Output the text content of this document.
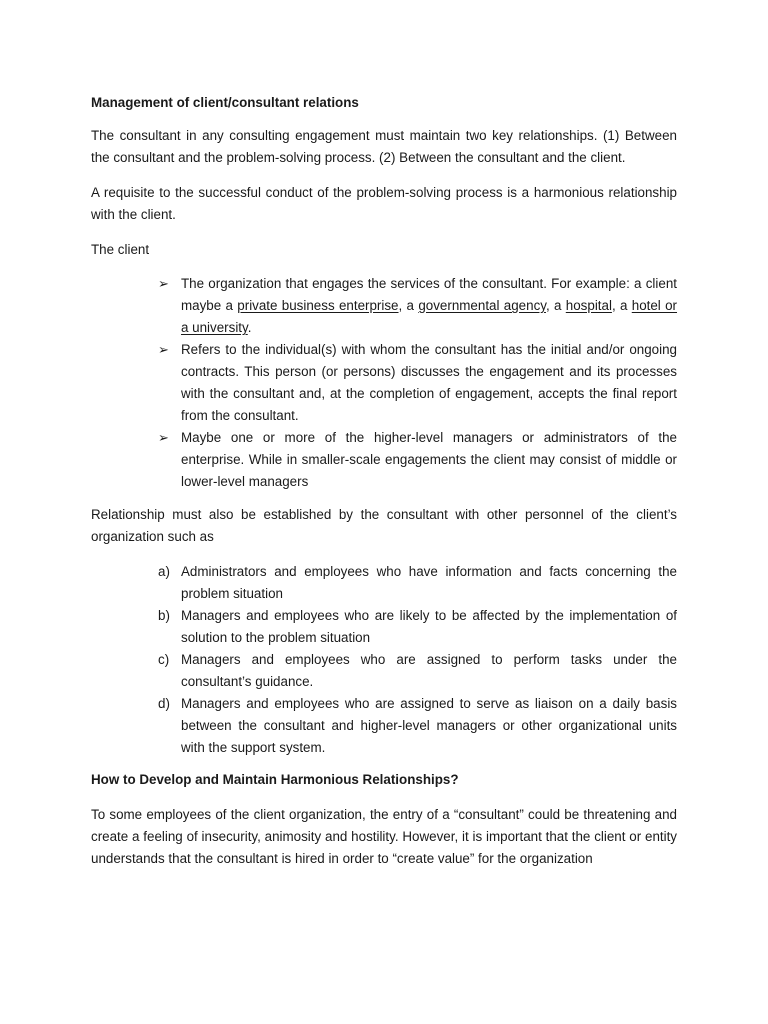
Management of client/consultant relations
The consultant in any consulting engagement must maintain two key relationships. (1) Between the consultant and the problem-solving process. (2) Between the consultant and the client.
A requisite to the successful conduct of the problem-solving process is a harmonious relationship with the client.
The client
➢ The organization that engages the services of the consultant. For example: a client maybe a private business enterprise, a governmental agency, a hospital, a hotel or a university.
➢ Refers to the individual(s) with whom the consultant has the initial and/or ongoing contracts. This person (or persons) discusses the engagement and its processes with the consultant and, at the completion of engagement, accepts the final report from the consultant.
➢ Maybe one or more of the higher-level managers or administrators of the enterprise. While in smaller-scale engagements the client may consist of middle or lower-level managers
Relationship must also be established by the consultant with other personnel of the client’s organization such as
a) Administrators and employees who have information and facts concerning the problem situation
b) Managers and employees who are likely to be affected by the implementation of solution to the problem situation
c) Managers and employees who are assigned to perform tasks under the consultant’s guidance.
d) Managers and employees who are assigned to serve as liaison on a daily basis between the consultant and higher-level managers or other organizational units with the support system.
How to Develop and Maintain Harmonious Relationships?
To some employees of the client organization, the entry of a “consultant” could be threatening and create a feeling of insecurity, animosity and hostility. However, it is important that the client or entity understands that the consultant is hired in order to “create value” for the organization
